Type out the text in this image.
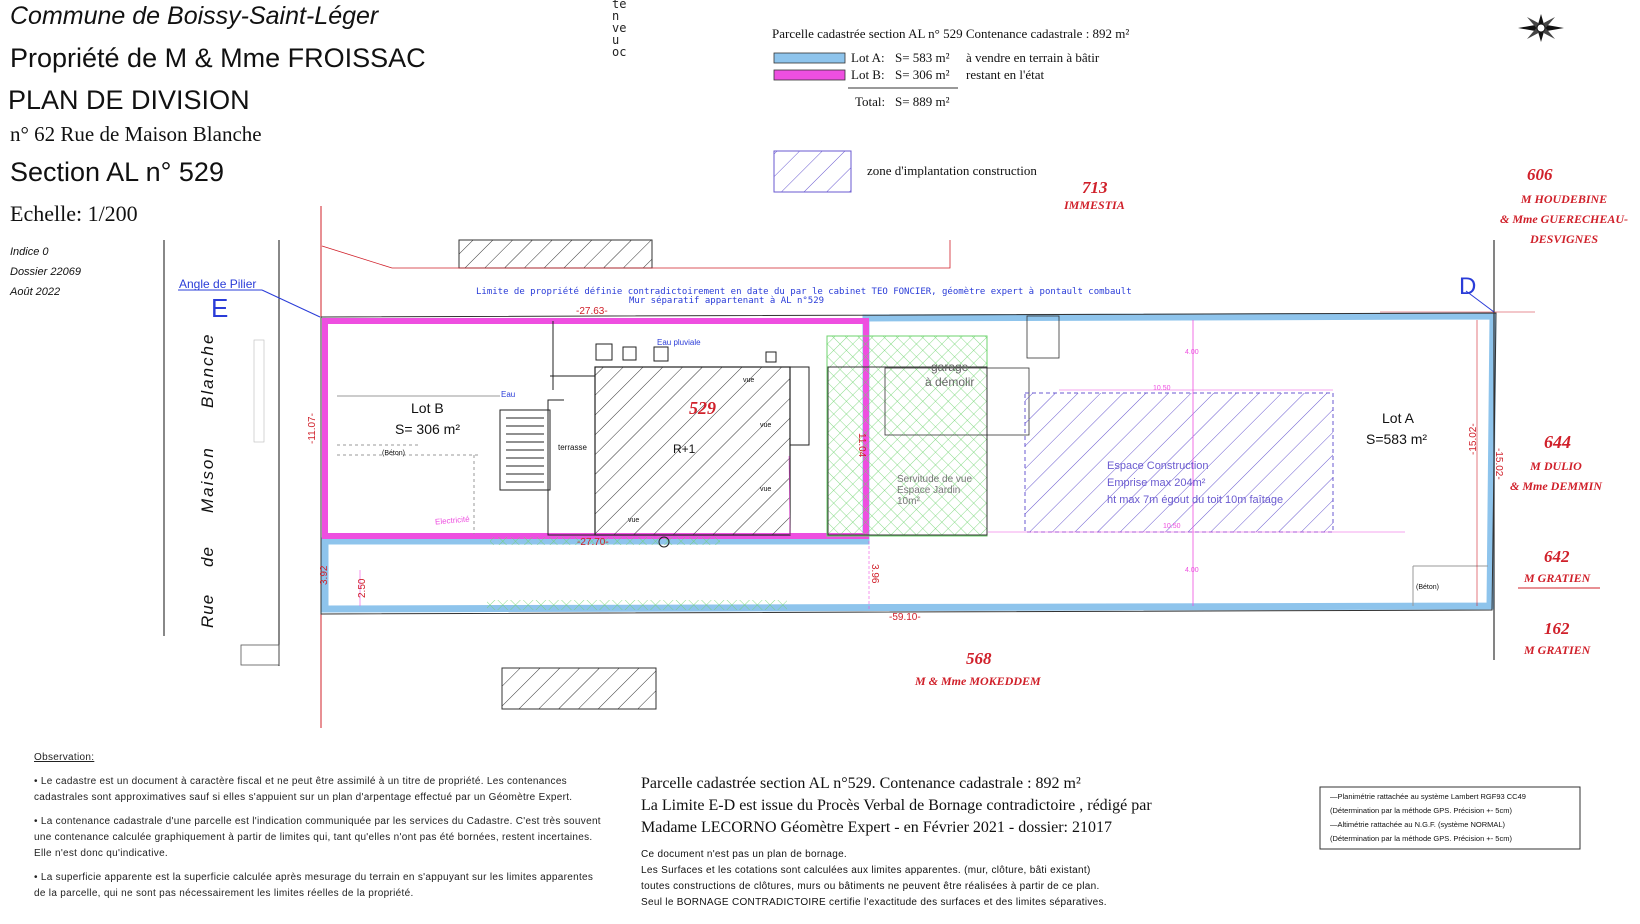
Commune de Boissy-Saint-Léger
Propriété de M & Mme FROISSAC
PLAN DE DIVISION
n° 62 Rue de Maison Blanche
Section AL n° 529
Echelle: 1/200
Indice 0
Dossier 22069
Août 2022
Parcelle cadastrée section AL n° 529 Contenance cadastrale : 892 m²
Lot A: S= 583 m² à vendre en terrain à bâtir
Lot B: S= 306 m² restant en l'état
Total: S= 889 m²
zone d'implantation construction
te
n
ve
u
oc
Rue
de
Maison
Blanche
Angle de Pilier
E
D
Limite de propriété définie contradictoirement en date du par le cabinet TEO FONCIER, géomètre expert à pontault combault
Mur séparatif appartenant à AL n°529
Lot B
S= 306 m²
Lot A
S=583 m²
529
R+1
terrasse
garage
à démolir
Servitude de vue
Espace Jardin
10m²
Espace Construction
Emprise max 204m²
ht max 7m égout du toit 10m faîtage
Eau pluviale
Eau
Electricité
(Béton)
(Béton)
vue
vue
vue
vue
-27.63-
-27.70-
-11.07-
11.04	-15.02-
-15.02-
-59.10-
3.92
2.50
3.96
10.50
4.00
4.00
10.50
713
IMMESTIA
606
M HOUDEBINE
& Mme GUERECHEAU-
DESVIGNES
644
M DULIO
& Mme DEMMIN
642
M GRATIEN
162
M GRATIEN
568
M & Mme MOKEDDEM
Observation:

• Le cadastre est un document à caractère fiscal et ne peut être assimilé à un titre de propriété. Les contenances cadastrales sont approximatives sauf si elles s'appuient sur un plan d'arpentage effectué par un Géomètre Expert.

• La contenance cadastrale d'une parcelle est l'indication communiquée par les services du Cadastre. C'est très souvent une contenance calculée graphiquement à partir de limites qui, tant qu'elles n'ont pas été bornées, restent incertaines. Elle n'est donc qu'indicative.

• La superficie apparente est la superficie calculée après mesurage du terrain en s'appuyant sur les limites apparentes de la parcelle, qui ne sont pas nécessairement les limites réelles de la propriété.

Parcelle cadastrée section AL n°529. Contenance cadastrale : 892 m²
La Limite E-D est issue du Procès Verbal de Bornage contradictoire , rédigé par
Madame LECORNO Géomètre Expert - en Février 2021 - dossier: 21017
Ce document n'est pas un plan de bornage.
Les Surfaces et les cotations sont calculées aux limites apparentes. (mur, clôture, bâti existant)
toutes constructions de clôtures, murs ou bâtiments ne peuvent être réalisées à partir de ce plan.
Seul le BORNAGE CONTRADICTOIRE certifie l'exactitude des surfaces et des limites séparatives.
—Planimétrie rattachée au système Lambert RGF93 CC49
(Détermination par la méthode GPS. Précision +- 5cm)
—Altimétrie rattachée au N.G.F. (système NORMAL)
(Détermination par la méthode GPS. Précision +- 5cm)
